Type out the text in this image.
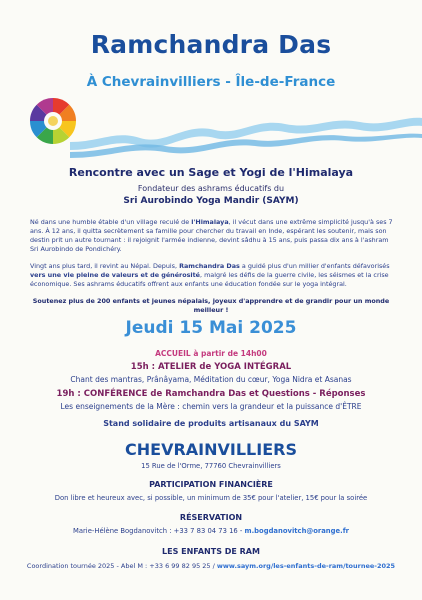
Ramchandra Das
À Chevrainvilliers - Île-de-France
Rencontre avec un Sage et Yogi de l'Himalaya
Fondateur des ashrams éducatifs du
Sri Aurobindo Yoga Mandir (SAYM)
Né dans une humble étable d'un village reculé de l'Himalaya, il vécut dans une extrême simplicité jusqu'à ses 7 ans. À 12 ans, il quitta secrètement sa famille pour chercher du travail en Inde, espérant les soutenir, mais son destin prit un autre tournant : il rejoignit l'armée indienne, devint sâdhu à 15 ans, puis passa dix ans à l'ashram Sri Aurobindo de Pondichéry.
Vingt ans plus tard, il revint au Népal. Depuis, Ramchandra Das a guidé plus d'un millier d'enfants défavorisés vers une vie pleine de valeurs et de générosité, malgré les défis de la guerre civile, les séismes et la crise économique. Ses ashrams éducatifs offrent aux enfants une éducation fondée sur le yoga intégral.
Soutenez plus de 200 enfants et jeunes népalais, joyeux d'apprendre et de grandir pour un monde meilleur !
Jeudi 15 Mai 2025
ACCUEIL à partir de 14h00
15h : ATELIER de YOGA INTÉGRAL
Chant des mantras, Prânâyama, Méditation du cœur, Yoga Nidra et Asanas
19h : CONFÉRENCE de Ramchandra Das et Questions - Réponses
Les enseignements de la Mère : chemin vers la grandeur et la puissance d'ÊTRE
Stand solidaire de produits artisanaux du SAYM
CHEVRAINVILLIERS
15 Rue de l'Orme, 77760 Chevrainvilliers
PARTICIPATION FINANCIÈRE
Don libre et heureux avec, si possible, un minimum de 35€ pour l'atelier, 15€ pour la soirée
RÉSERVATION
Marie-Hélène Bogdanovitch : +33 7 83 04 73 16 - m.bogdanovitch@orange.fr
LES ENFANTS DE RAM
Coordination tournée 2025 - Abel M : +33 6 99 82 95 25 / www.saym.org/les-enfants-de-ram/tournee-2025
